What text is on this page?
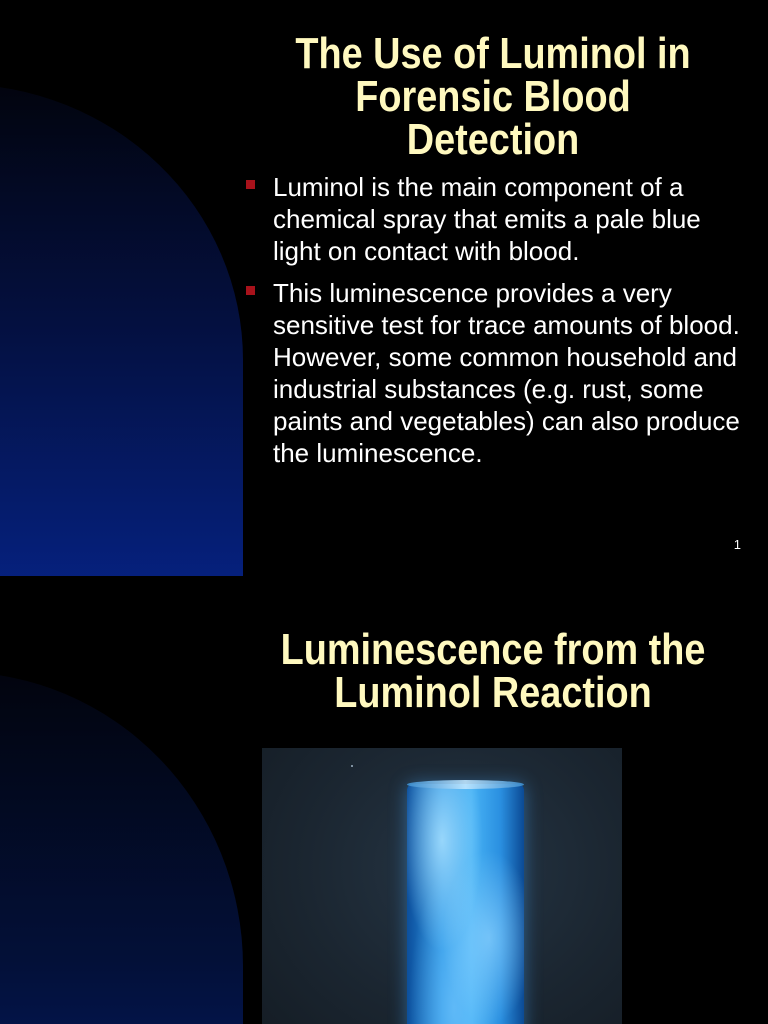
The Use of Luminol in Forensic Blood Detection
Luminol is the main component of a chemical spray that emits a pale blue light on contact with blood.
This luminescence provides a very sensitive test for trace amounts of blood. However, some common household and industrial substances (e.g. rust, some paints and vegetables) can also produce the luminescence.
1
Luminescence from the Luminol Reaction
